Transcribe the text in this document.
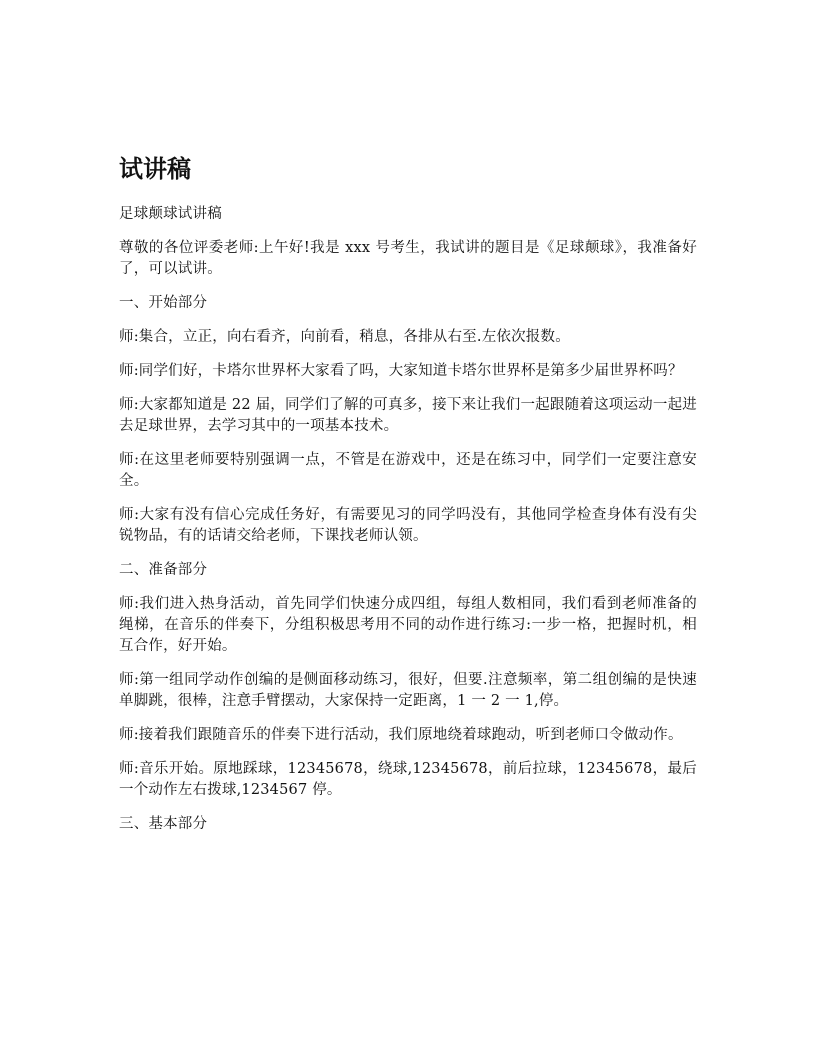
试讲稿

足球颠球试讲稿

尊敬的各位评委老师:上午好!我是 xxx 号考生，我试讲的题目是《足球颠球》，我准备好了，可以试讲。

一、开始部分

师:集合，立正，向右看齐，向前看，稍息，各排从右至.左依次报数。

师:同学们好，卡塔尔世界杯大家看了吗，大家知道卡塔尔世界杯是第多少届世界杯吗？

师:大家都知道是 22 届，同学们了解的可真多，接下来让我们一起跟随着这项运动一起进去足球世界，去学习其中的一项基本技术。

师:在这里老师要特别强调一点，不管是在游戏中，还是在练习中，同学们一定要注意安全。

师:大家有没有信心完成任务好，有需要见习的同学吗没有，其他同学检查身体有没有尖锐物品，有的话请交给老师，下课找老师认领。

二、准备部分

师:我们进入热身活动，首先同学们快速分成四组，每组人数相同，我们看到老师准备的绳梯，在音乐的伴奏下，分组积极思考用不同的动作进行练习:一步一格，把握时机，相互合作，好开始。

师:第一组同学动作创编的是侧面移动练习，很好，但要.注意频率，第二组创编的是快速单脚跳，很棒，注意手臂摆动，大家保持一定距离，1 一 2 一 1,停。

师:接着我们跟随音乐的伴奏下进行活动，我们原地绕着球跑动，听到老师口令做动作。

师:音乐开始。原地踩球，12345678，绕球,12345678，前后拉球，12345678，最后一个动作左右拨球,1234567 停。

三、基本部分
